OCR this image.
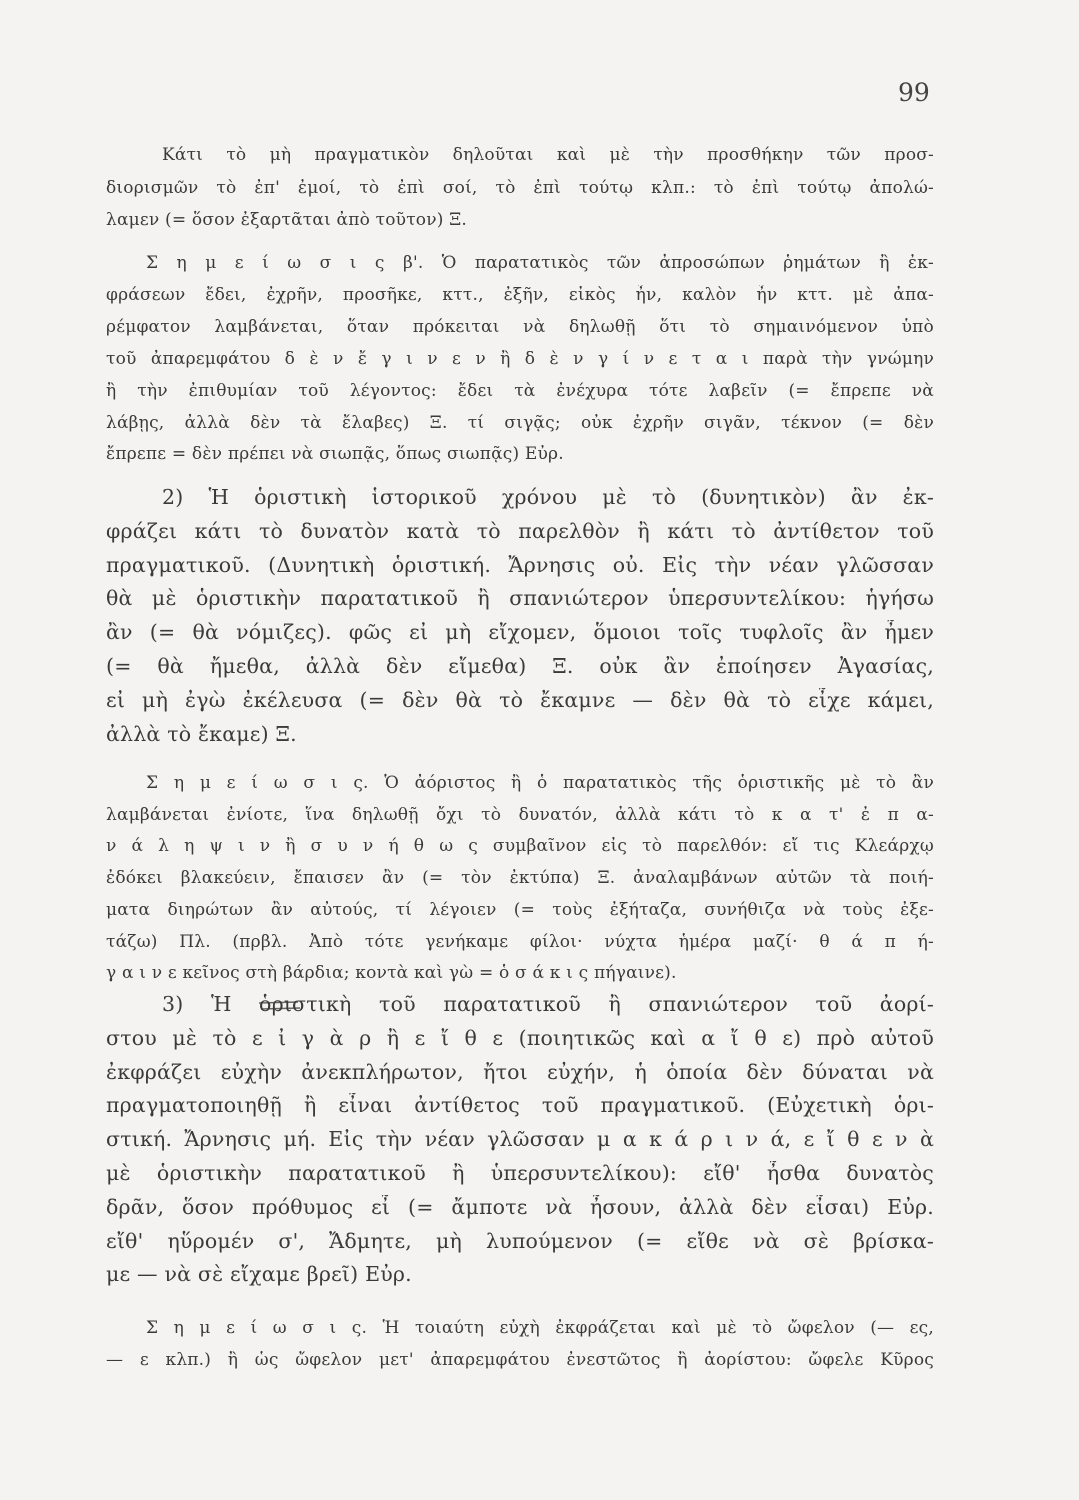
99
Κάτι τὸ μὴ πραγματικὸν δηλοῦται καὶ μὲ τὴν προσθήκην τῶν προσ-
διορισμῶν τὸ ἐπ' ἐμοί, τὸ ἐπὶ σοί, τὸ ἐπὶ τούτῳ κλπ.: τὸ ἐπὶ τούτῳ ἀπολώ-
λαμεν (= ὅσον ἐξαρτᾶται ἀπὸ τοῦτον) Ξ.
Σ η μ ε ί ω σ ι ς β'. Ὁ παρατατικὸς τῶν ἀπροσώπων ῥημάτων ἢ ἐκ-
φράσεων ἔδει, ἐχρῆν, προσῆκε, κττ., ἐξῆν, εἰκὸς ἦν, καλὸν ἦν κττ. μὲ ἀπα-
ρέμφατον λαμβάνεται, ὅταν πρόκειται νὰ δηλωθῇ ὅτι τὸ σημαινόμενον ὑπὸ
τοῦ ἀπαρεμφάτου δ ὲ ν ἔ γ ι ν ε ν ἢ δ ὲ ν γ ί ν ε τ α ι παρὰ τὴν γνώμην
ἢ τὴν ἐπιθυμίαν τοῦ λέγοντος: ἔδει τὰ ἐνέχυρα τότε λαβεῖν (= ἔπρεπε νὰ
λάβῃς, ἀλλὰ δὲν τὰ ἔλαβες) Ξ. τί σιγᾷς; οὐκ ἐχρῆν σιγᾶν, τέκνον (= δὲν
ἔπρεπε = δὲν πρέπει νὰ σιωπᾷς, ὅπως σιωπᾷς) Εὐρ.
2) Ἡ ὁριστικὴ ἱστορικοῦ χρόνου μὲ τὸ (δυνητικὸν) ἂν ἐκ-
φράζει κάτι τὸ δυνατὸν κατὰ τὸ παρελθὸν ἢ κάτι τὸ ἀντίθετον τοῦ
πραγματικοῦ. (Δυνητικὴ ὁριστική. Ἄρνησις οὐ. Εἰς τὴν νέαν γλῶσσαν
θὰ μὲ ὁριστικὴν παρατατικοῦ ἢ σπανιώτερον ὑπερσυντελίκου: ἡγήσω
ἂν (= θὰ νόμιζες). φῶς εἰ μὴ εἴχομεν, ὅμοιοι τοῖς τυφλοῖς ἂν ἦμεν
(= θὰ ἤμεθα, ἀλλὰ δὲν εἴμεθα) Ξ. οὐκ ἂν ἐποίησεν Ἀγασίας,
εἰ μὴ ἐγὼ ἐκέλευσα (= δὲν θὰ τὸ ἔκαμνε — δὲν θὰ τὸ εἶχε κάμει,
ἀλλὰ τὸ ἔκαμε) Ξ.
Σ η μ ε ί ω σ ι ς. Ὁ ἀόριστος ἢ ὁ παρατατικὸς τῆς ὁριστικῆς μὲ τὸ ἂν
λαμβάνεται ἐνίοτε, ἵνα δηλωθῇ ὄχι τὸ δυνατόν, ἀλλὰ κάτι τὸ κ α τ' ἐ π α-
ν ά λ η ψ ι ν ἢ σ υ ν ή θ ω ς συμβαῖνον εἰς τὸ παρελθόν: εἴ τις Κλεάρχῳ
ἐδόκει βλακεύειν, ἔπαισεν ἂν (= τὸν ἐκτύπα) Ξ. ἀναλαμβάνων αὐτῶν τὰ ποιή-
ματα διηρώτων ἂν αὐτούς, τί λέγοιεν (= τοὺς ἐξήταζα, συνήθιζα νὰ τοὺς ἐξε-
τάζω) Πλ. (πρβλ. Ἀπὸ τότε γενήκαμε φίλοι· νύχτα ἡμέρα μαζί· θ ά π ή-
γ α ι ν ε κεῖνος στὴ βάρδια; κοντὰ καὶ γὼ = ὁ σ ά κ ι ς πήγαινε).
3) Ἡ ὁριστικὴ τοῦ παρατατικοῦ ἢ σπανιώτερον τοῦ ἀορί-
στου μὲ τὸ ε ἰ γ ὰ ρ ἢ ε ἴ θ ε (ποιητικῶς καὶ α ἴ θ ε) πρὸ αὐτοῦ
ἐκφράζει εὐχὴν ἀνεκπλήρωτον, ἤτοι εὐχήν, ἡ ὁποία δὲν δύναται νὰ
πραγματοποιηθῇ ἢ εἶναι ἀντίθετος τοῦ πραγματικοῦ. (Εὐχετικὴ ὁρι-
στική. Ἄρνησις μή. Εἰς τὴν νέαν γλῶσσαν μ α κ ά ρ ι ν ά, ε ἴ θ ε ν ὰ
μὲ ὁριστικὴν παρατατικοῦ ἢ ὑπερσυντελίκου): εἴθ' ἦσθα δυνατὸς
δρᾶν, ὅσον πρόθυμος εἶ (= ἄμποτε νὰ ἦσουν, ἀλλὰ δὲν εἶσαι) Εὐρ.
εἴθ' ηὕρομέν σ', Ἄδμητε, μὴ λυπούμενον (= εἴθε νὰ σὲ βρίσκα-
με — νὰ σὲ εἴχαμε βρεῖ) Εὐρ.
Σ η μ ε ί ω σ ι ς. Ἡ τοιαύτη εὐχὴ ἐκφράζεται καὶ μὲ τὸ ὤφελον (— ες,
— ε κλπ.) ἢ ὡς ὤφελον μετ' ἀπαρεμφάτου ἐνεστῶτος ἢ ἀορίστου: ὤφελε Κῦρος
